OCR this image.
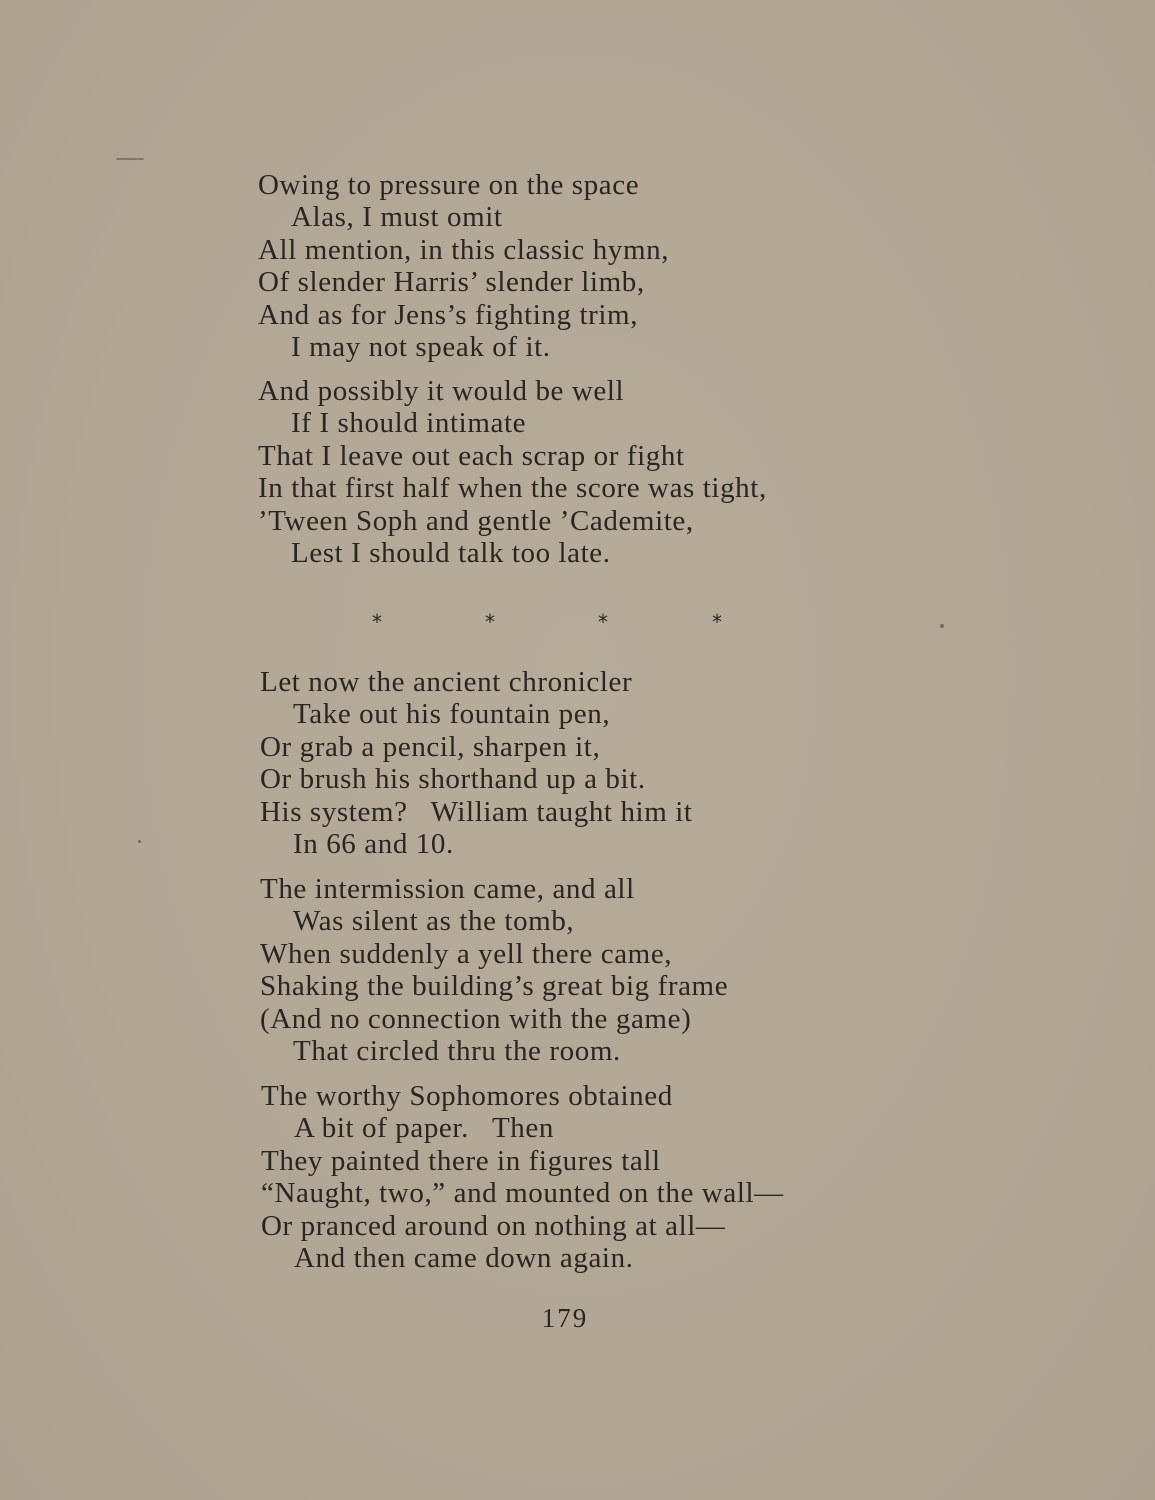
Owing to pressure on the space
Alas, I must omit
All mention, in this classic hymn,
Of slender Harris’ slender limb,
And as for Jens’s fighting trim,
I may not speak of it.
And possibly it would be well
If I should intimate
That I leave out each scrap or fight
In that first half when the score was tight,
’Tween Soph and gentle ’Cademite,
Lest I should talk too late.
*	*	*	*
Let now the ancient chronicler
Take out his fountain pen,
Or grab a pencil, sharpen it,
Or brush his shorthand up a bit.
His system?   William taught him it
In 66 and 10.
The intermission came, and all
Was silent as the tomb,
When suddenly a yell there came,
Shaking the building’s great big frame
(And no connection with the game)
That circled thru the room.
The worthy Sophomores obtained
A bit of paper.   Then
They painted there in figures tall
“Naught, two,” and mounted on the wall—
Or pranced around on nothing at all—
And then came down again.
179
